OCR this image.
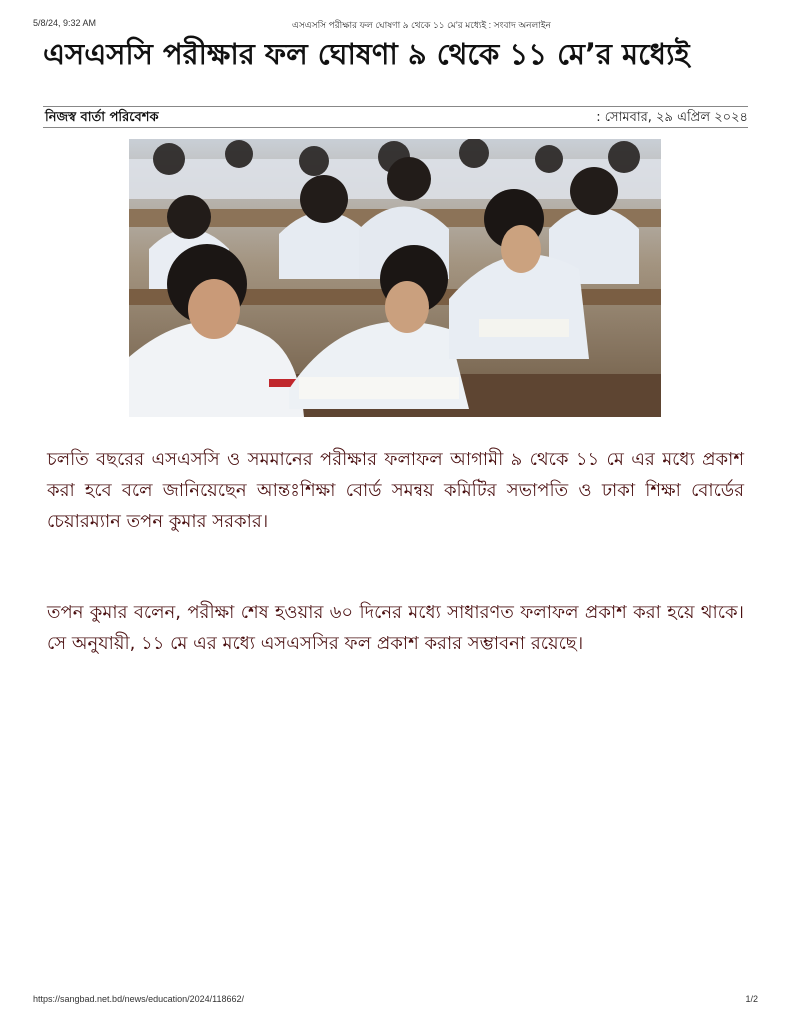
5/8/24, 9:32 AM	এসএসসি পরীক্ষার ফল ঘোষণা ৯ থেকে ১১ মে’র মধ্যেই : সংবাদ অনলাইন
এসএসসি পরীক্ষার ফল ঘোষণা ৯ থেকে ১১ মে’র মধ্যেই
নিজস্ব বার্তা পরিবেশক	: সোমবার, ২৯ এপ্রিল ২০২৪

চলতি বছরের এসএসসি ও সমমানের পরীক্ষার ফলাফল আগামী ৯ থেকে ১১ মে এর মধ্যে প্রকাশ করা হবে বলে জানিয়েছেন আন্তঃশিক্ষা বোর্ড সমন্বয় কমিটির সভাপতি ও ঢাকা শিক্ষা বোর্ডের চেয়ারম্যান তপন কুমার সরকার।

তপন কুমার বলেন, পরীক্ষা শেষ হওয়ার ৬০ দিনের মধ্যে সাধারণত ফলাফল প্রকাশ করা হয়ে থাকে। সে অনুযায়ী, ১১ মে এর মধ্যে এসএসসির ফল প্রকাশ করার সম্ভাবনা রয়েছে।

https://sangbad.net.bd/news/education/2024/118662/	1/2
